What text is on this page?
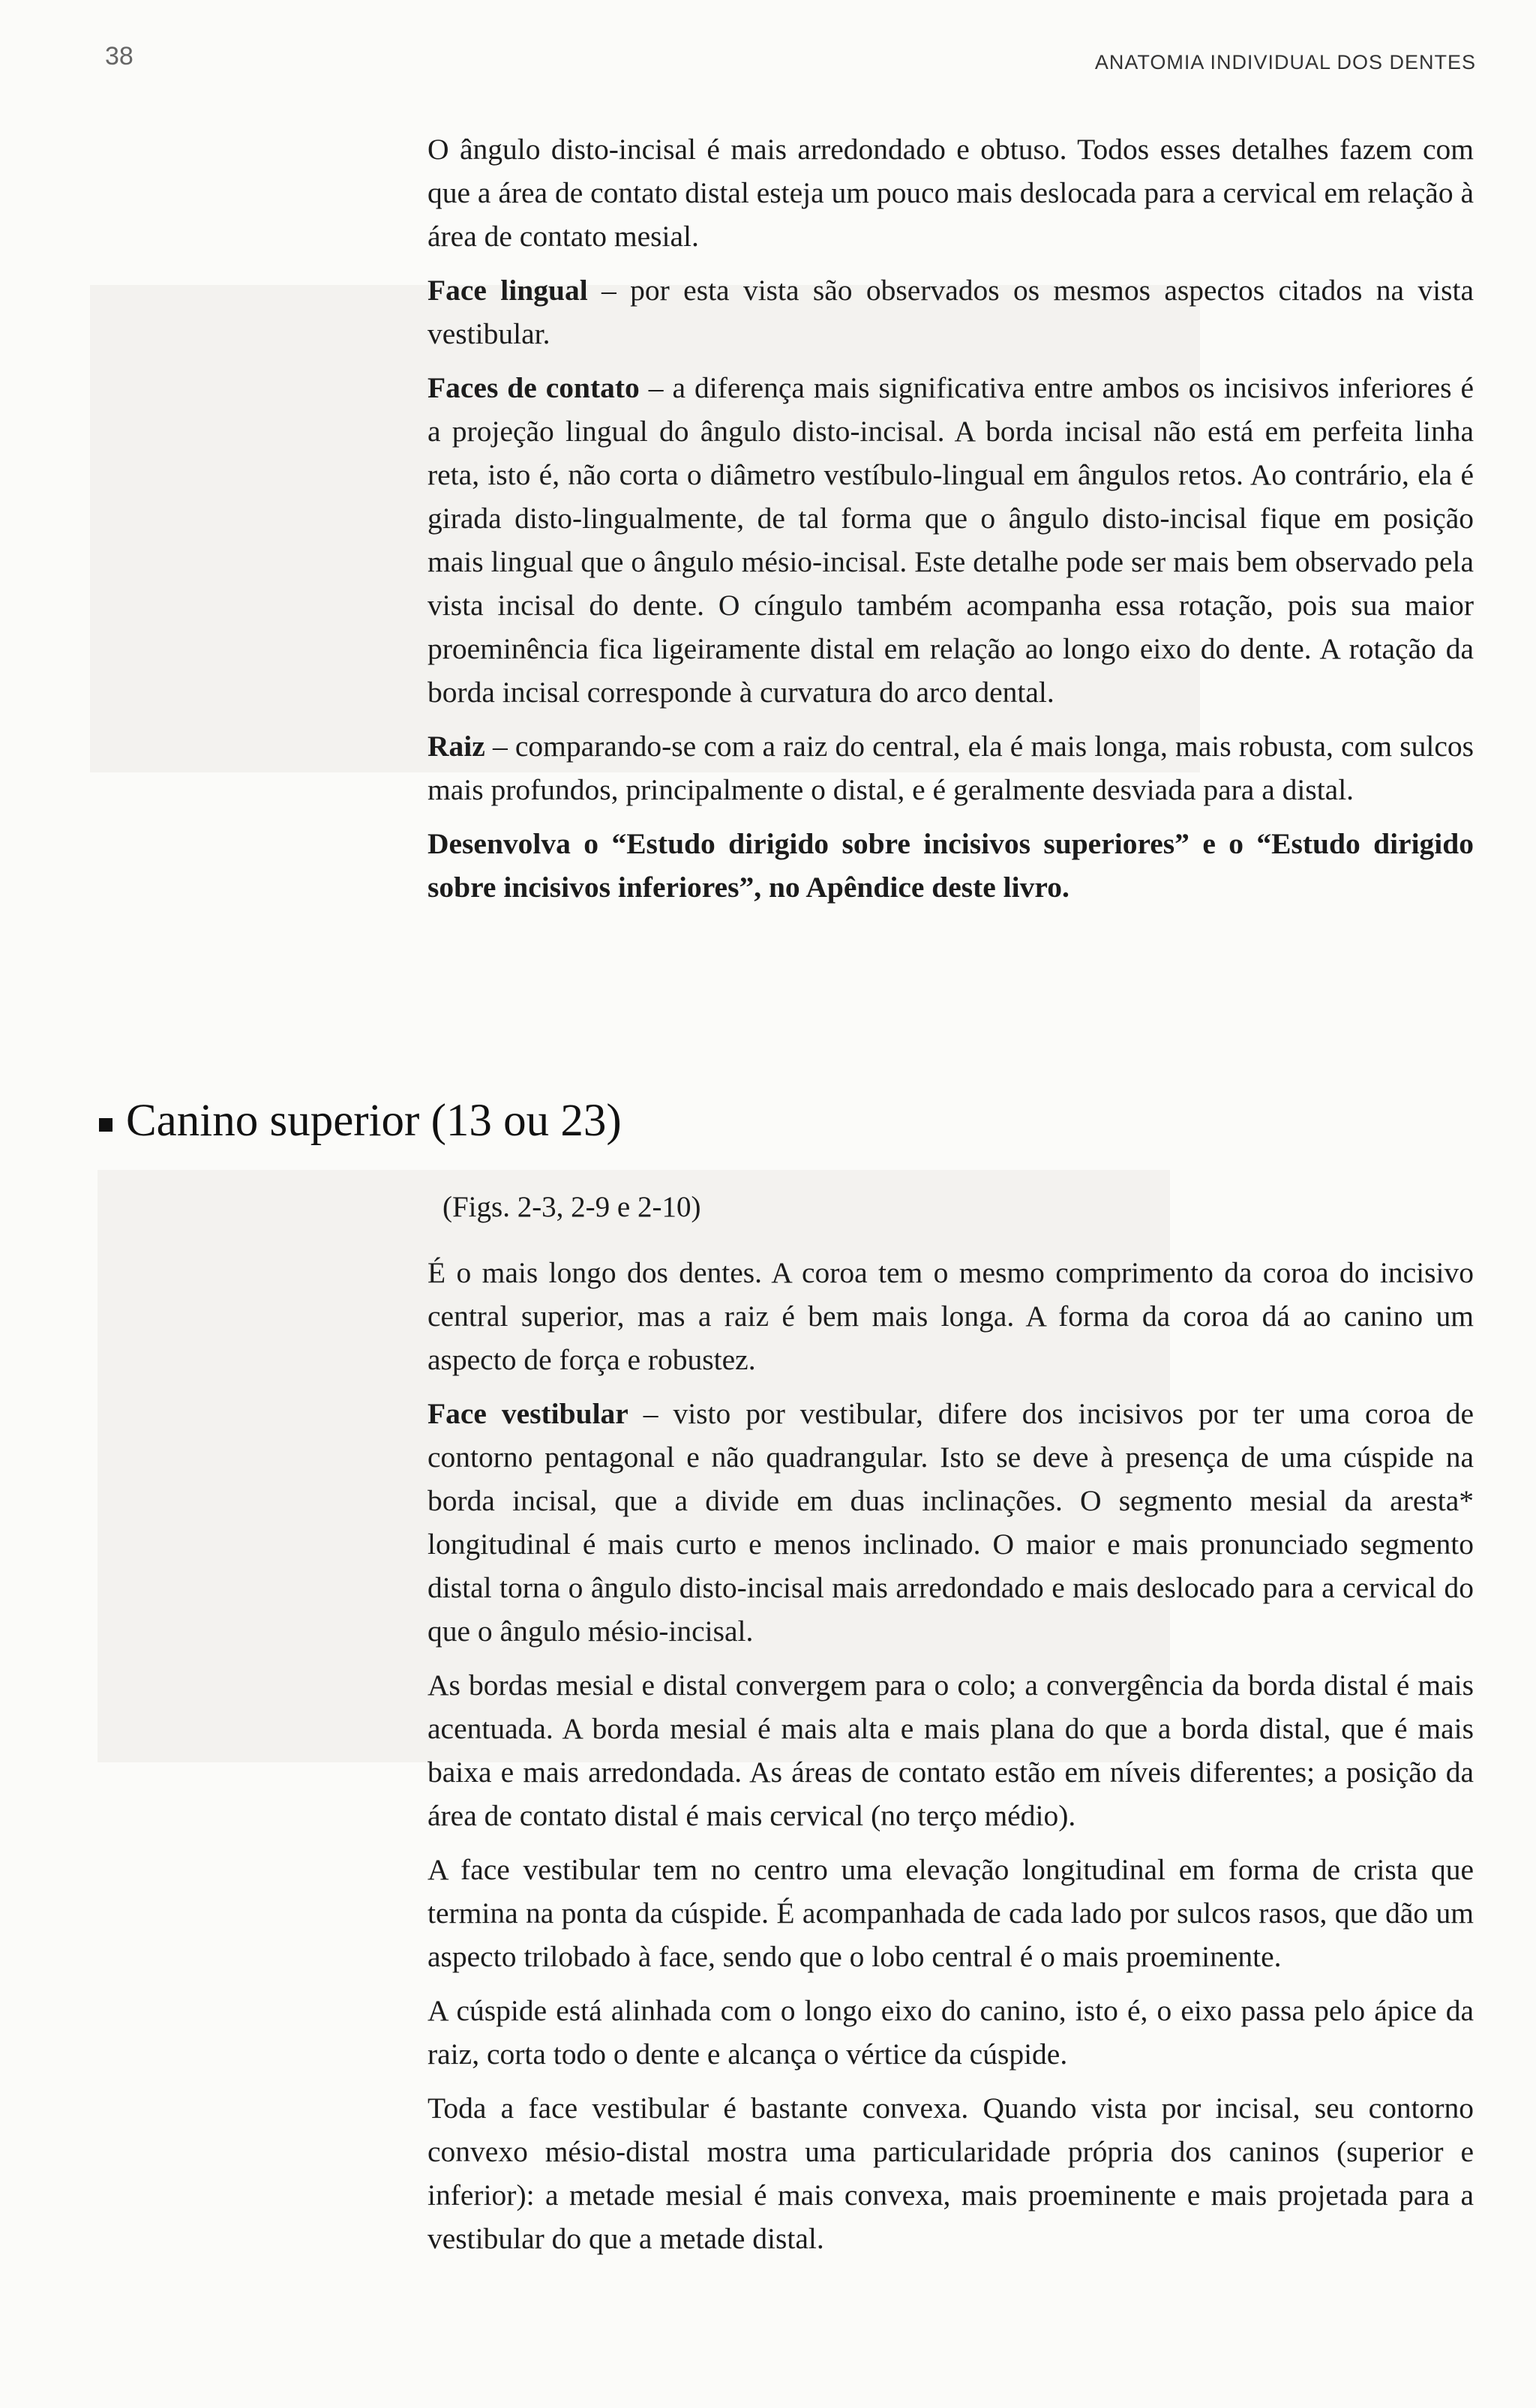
38	ANATOMIA INDIVIDUAL DOS DENTES

O ângulo disto-incisal é mais arredondado e obtuso. Todos esses detalhes fazem com que a área de contato distal esteja um pouco mais deslocada para a cervical em relação à área de contato mesial.

Face lingual – por esta vista são observados os mesmos aspectos citados na vista vestibular.

Faces de contato – a diferença mais significativa entre ambos os incisivos inferiores é a projeção lingual do ângulo disto-incisal. A borda incisal não está em perfeita linha reta, isto é, não corta o diâmetro vestíbulo-lingual em ângulos retos. Ao contrário, ela é girada disto-lingualmente, de tal forma que o ângulo disto-incisal fique em posição mais lingual que o ângulo mésio-incisal. Este detalhe pode ser mais bem observado pela vista incisal do dente. O cíngulo também acompanha essa rotação, pois sua maior proeminência fica ligeiramente distal em relação ao longo eixo do dente. A rotação da borda incisal corresponde à curvatura do arco dental.

Raiz – comparando-se com a raiz do central, ela é mais longa, mais robusta, com sulcos mais profundos, principalmente o distal, e é geralmente desviada para a distal.

Desenvolva o “Estudo dirigido sobre incisivos superiores” e o “Estudo dirigido sobre incisivos inferiores”, no Apêndice deste livro.

Canino superior (13 ou 23)
(Figs. 2-3, 2-9 e 2-10)

É o mais longo dos dentes. A coroa tem o mesmo comprimento da coroa do incisivo central superior, mas a raiz é bem mais longa. A forma da coroa dá ao canino um aspecto de força e robustez.

Face vestibular – visto por vestibular, difere dos incisivos por ter uma coroa de contorno pentagonal e não quadrangular. Isto se deve à presença de uma cúspide na borda incisal, que a divide em duas inclinações. O segmento mesial da aresta* longitudinal é mais curto e menos inclinado. O maior e mais pronunciado segmento distal torna o ângulo disto-incisal mais arredondado e mais deslocado para a cervical do que o ângulo mésio-incisal.

As bordas mesial e distal convergem para o colo; a convergência da borda distal é mais acentuada. A borda mesial é mais alta e mais plana do que a borda distal, que é mais baixa e mais arredondada. As áreas de contato estão em níveis diferentes; a posição da área de contato distal é mais cervical (no terço médio).

A face vestibular tem no centro uma elevação longitudinal em forma de crista que termina na ponta da cúspide. É acompanhada de cada lado por sulcos rasos, que dão um aspecto trilobado à face, sendo que o lobo central é o mais proeminente.

A cúspide está alinhada com o longo eixo do canino, isto é, o eixo passa pelo ápice da raiz, corta todo o dente e alcança o vértice da cúspide.

Toda a face vestibular é bastante convexa. Quando vista por incisal, seu contorno convexo mésio-distal mostra uma particularidade própria dos caninos (superior e inferior): a metade mesial é mais convexa, mais proeminente e mais projetada para a vestibular do que a metade distal.
